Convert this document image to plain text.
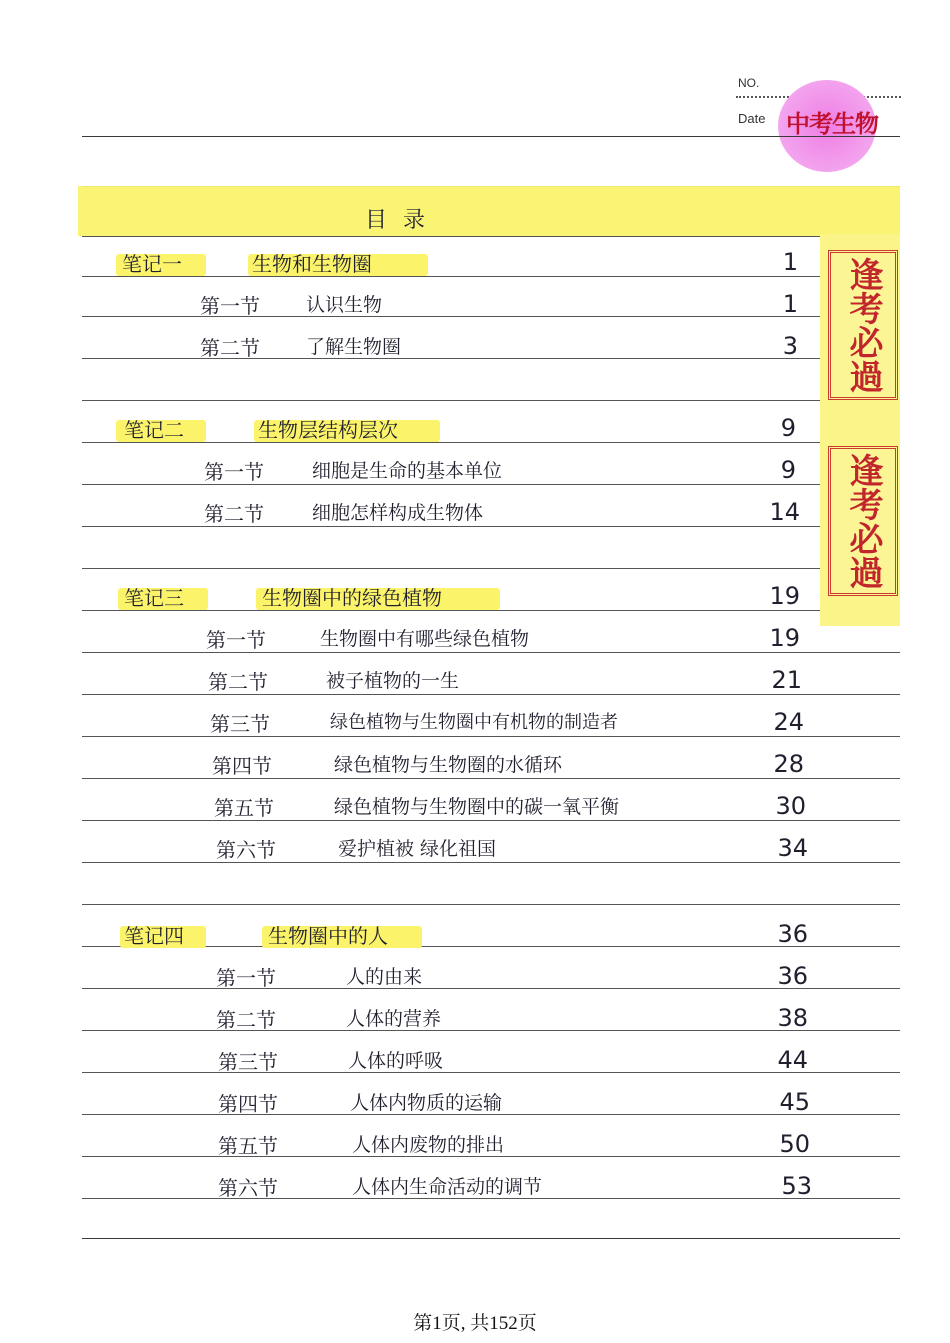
NO.
Date 中考生物
目录
逢考必過
逢考必過
笔记一	生物和生物圈	1
第一节 认识生物	1
第二节 了解生物圈	3
笔记二	生物层结构层次	9
第一节	细胞是生命的基本单位	9
第二节	细胞怎样构成生物体	14
笔记三	生物圈中的绿色植物	19
第一节	生物圈中有哪些绿色植物	19
第二节	被子植物的一生	21
第三节	绿色植物与生物圈中有机物的制造者	24
第四节	绿色植物与生物圈的水循环	28
第五节	绿色植物与生物圈中的碳一氧平衡	30
第六节	爱护植被 绿化祖国	34
笔记四	生物圈中的人	36
第一节	人的由来	36
第二节	人体的营养	38
第三节	人体的呼吸	44
第四节	人体内物质的运输	45
第五节	人体内废物的排出	50
第六节	人体内生命活动的调节	53
第1页, 共152页
